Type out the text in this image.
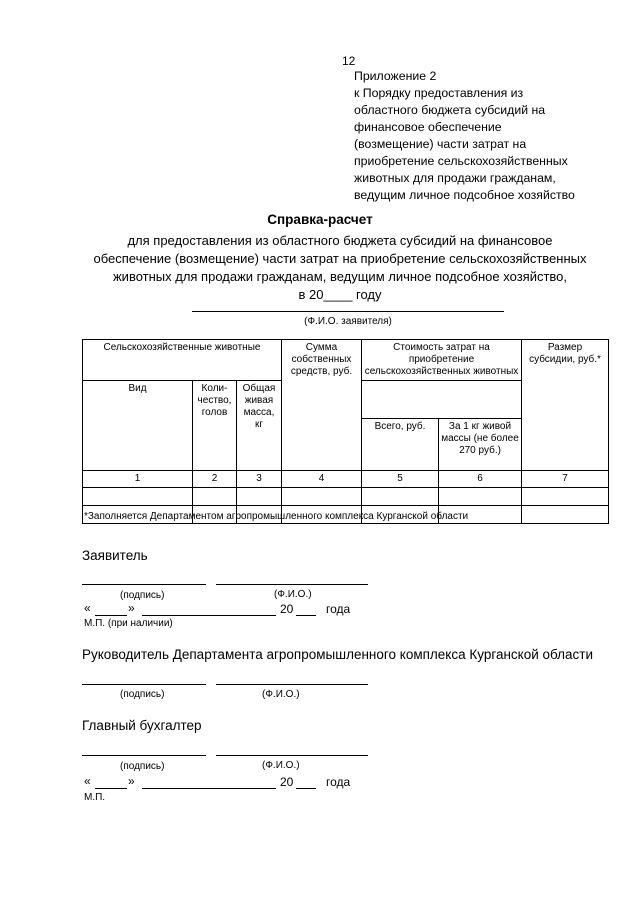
12
Приложение 2
к Порядку предоставления из
областного бюджета субсидий на
финансовое обеспечение
(возмещение) части затрат на
приобретение сельскохозяйственных
животных для продажи гражданам,
ведущим личное подсобное хозяйство
Справка-расчет
для предоставления из областного бюджета субсидий на финансовое
обеспечение (возмещение) части затрат на приобретение сельскохозяйственных
животных для продажи гражданам, ведущим личное подсобное хозяйство,
в 20____ году
(Ф.И.О. заявителя)
Сельскохозяйственные животные			Сумма собственных средств, руб.	Стоимость затрат на приобретение сельскохозяйственных животных		Размер субсидии, руб.*
Вид	Коли-чество, голов	Общая живая масса, кг				
				Всего, руб.	За 1 кг живой массы (не более 270 руб.)	
1	2	3	4	5	6	7

*Заполняется Департаментом агропромышленного комплекса Курганской области
Заявитель
(подпись)	(Ф.И.О.)
«	»	20	года
М.П. (при наличии)
Руководитель Департамента агропромышленного комплекса Курганской области
(подпись)	(Ф.И.О.)
Главный бухгалтер
(подпись)	(Ф.И.О.)
«	»	20	года
М.П.
